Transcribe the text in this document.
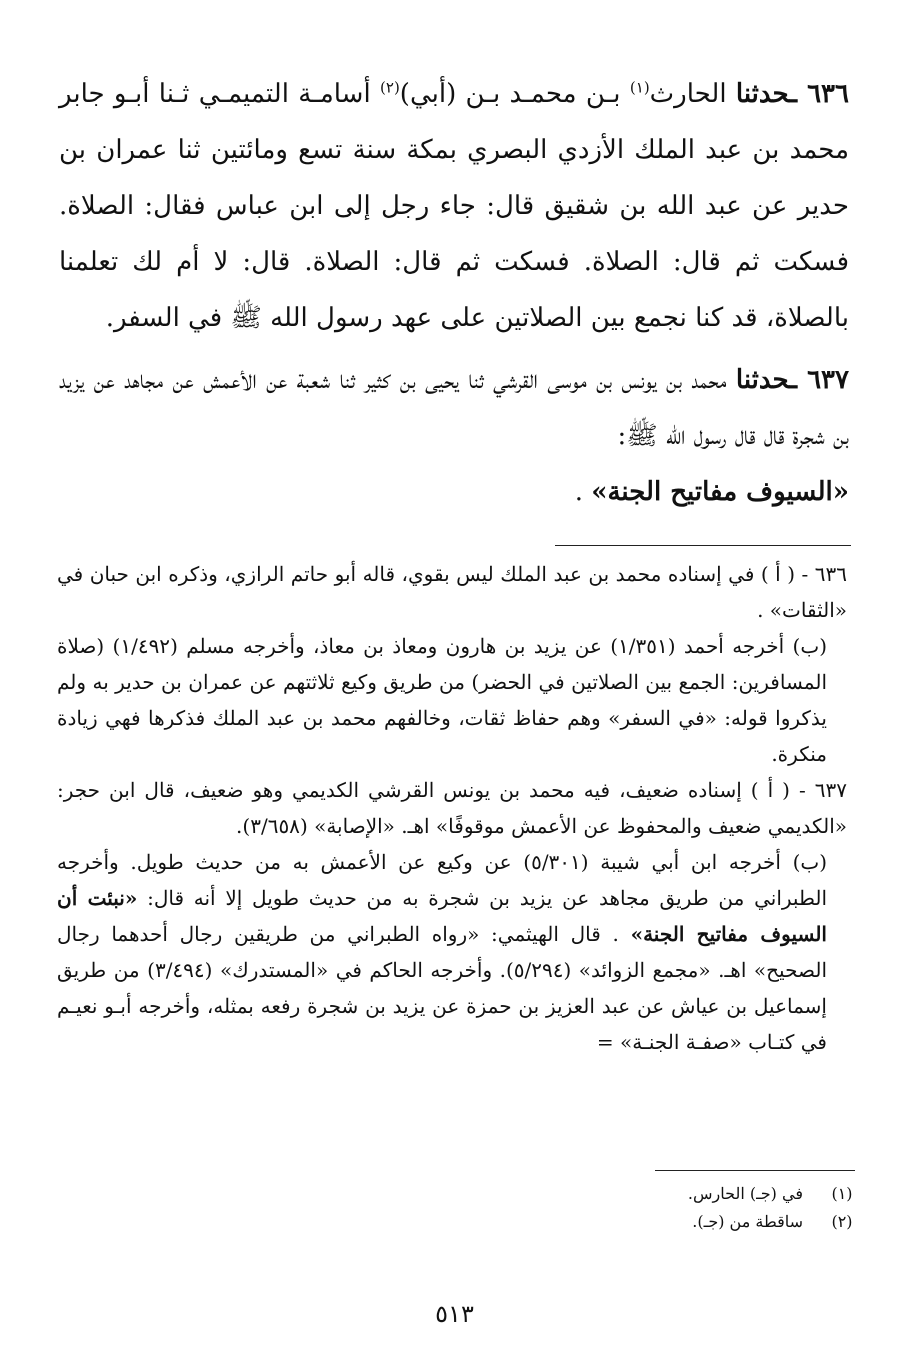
٦٣٦ ـحدثنا الحارث$^{(١)}$ بـن محمـد بـن (أبي)$^{(٢)}$ أسامـة التميمـي ثـنا أبـو جابر محمد بن عبد الملك الأزدي البصري بمكة سنة تسع ومائتين ثنا عمران بن حدير عن عبد الله بن شقيق قال: جاء رجل إلى ابن عباس فقال: الصلاة. فسكت ثم قال: الصلاة. فسكت ثم قال: الصلاة. قال: لا أم لك تعلمنا بالصلاة، قد كنا نجمع بين الصلاتين على عهد رسول الله ﷺ في السفر.

٦٣٧ ـحدثنا محمد بن يونس بن موسى القرشي ثنا يحيى بن كثير ثنا شعبة عن الأعمش عن مجاهد عن يزيد بن شجرة قال قال رسول الله ﷺ:
«السيوف مفاتيح الجنة» .

٦٣٦ - ( أ ) في إسناده محمد بن عبد الملك ليس بقوي، قاله أبو حاتم الرازي، وذكره ابن حبان في «الثقات» .

(ب) أخرجه أحمد (١/٣٥١) عن يزيد بن هارون ومعاذ بن معاذ، وأخرجه مسلم (١/٤٩٢) (صلاة المسافرين: الجمع بين الصلاتين في الحضر) من طريق وكيع ثلاثتهم عن عمران بن حدير به ولم يذكروا قوله: «في السفر» وهم حفاظ ثقات، وخالفهم محمد بن عبد الملك فذكرها فهي زيادة منكرة.

٦٣٧ - ( أ ) إسناده ضعيف، فيه محمد بن يونس القرشي الكديمي وهو ضعيف، قال ابن حجر: «الكديمي ضعيف والمحفوظ عن الأعمش موقوفًا» اهـ. «الإصابة» (٣/٦٥٨).

(ب) أخرجه ابن أبي شيبة (٥/٣٠١) عن وكيع عن الأعمش به من حديث طويل. وأخرجه الطبراني من طريق مجاهد عن يزيد بن شجرة به من حديث طويل إلا أنه قال: «نبئت أن السيوف مفاتيح الجنة» . قال الهيثمي: «رواه الطبراني من طريقين رجال أحدهما رجال الصحيح» اهـ. «مجمع الزوائد» (٥/٢٩٤). وأخرجه الحاكم في «المستدرك» (٣/٤٩٤) من طريق إسماعيل بن عياش عن عبد العزيز بن حمزة عن يزيد بن شجرة رفعه بمثله، وأخرجه أبـو نعيـم في كتـاب «صفـة الجنـة» =

(١)
في (جـ) الحارس.
(٢)
ساقطة من (جـ).
٥١٣
